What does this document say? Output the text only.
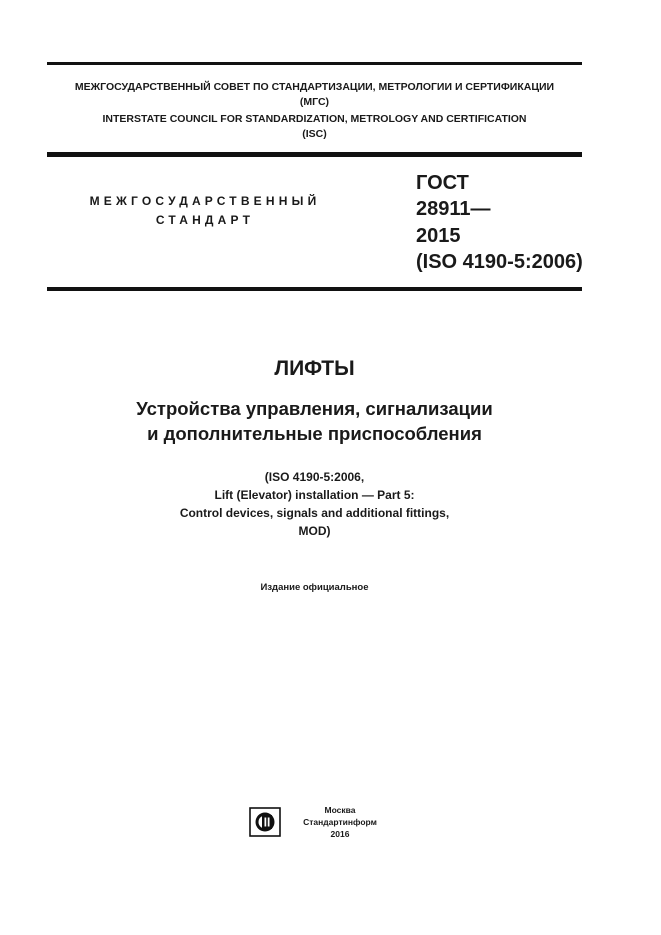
МЕЖГОСУДАРСТВЕННЫЙ СОВЕТ ПО СТАНДАРТИЗАЦИИ, МЕТРОЛОГИИ И СЕРТИФИКАЦИИ
(МГС)
INTERSTATE COUNCIL FOR STANDARDIZATION, METROLOGY AND CERTIFICATION
(ISC)
МЕЖГОСУДАРСТВЕННЫЙ
СТАНДАРТ
ГОСТ
28911—
2015
(ISO 4190-5:2006)
ЛИФТЫ
Устройства управления, сигнализации
и дополнительные приспособления
(ISO 4190-5:2006,
Lift (Elevator) installation — Part 5:
Control devices, signals and additional fittings,
MOD)
Издание официальное
Москва
Стандартинформ
2016
